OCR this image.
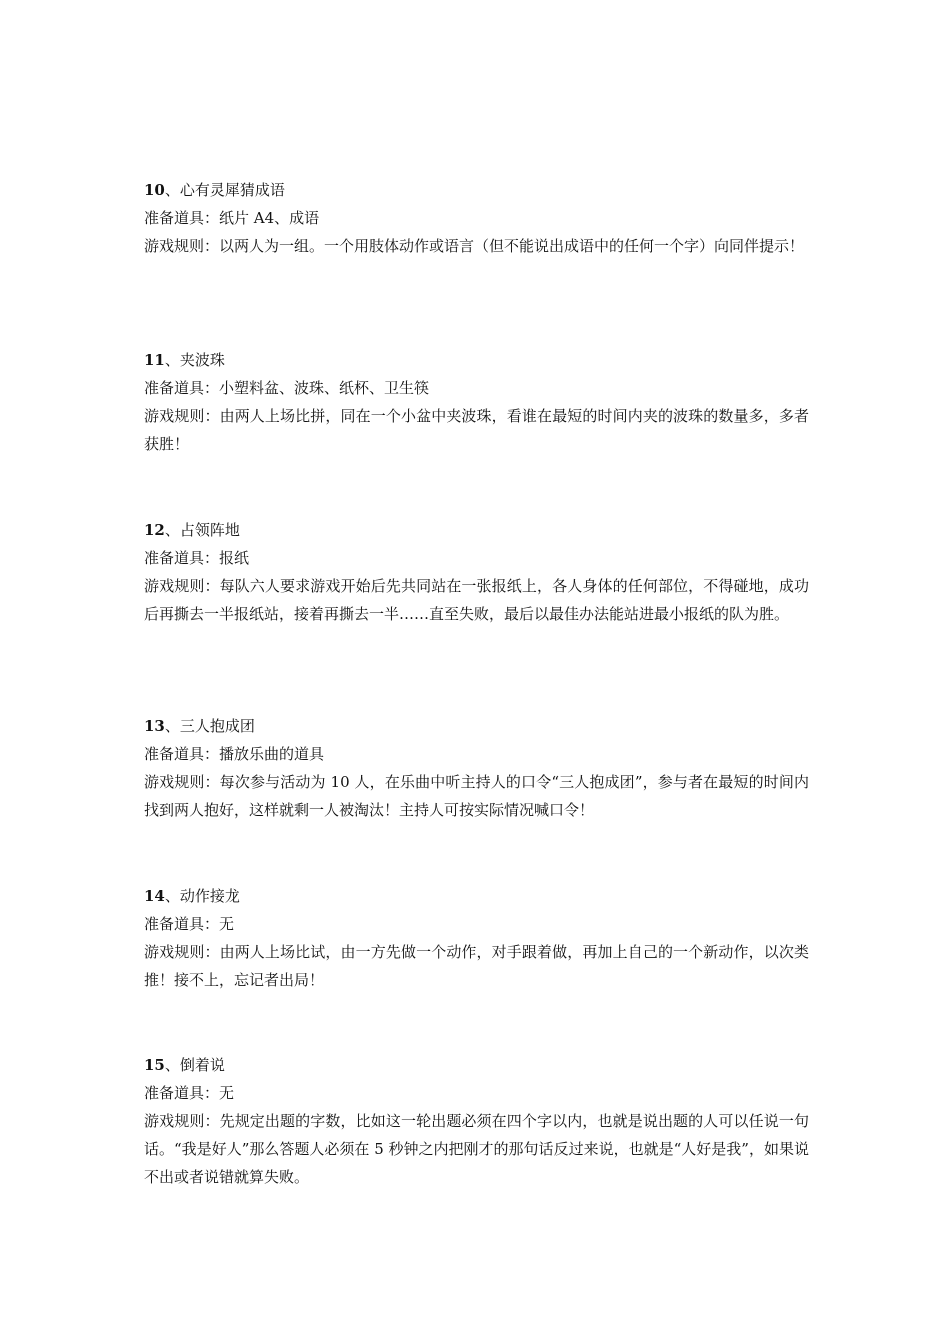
10、心有灵犀猜成语

准备道具：纸片 A4、成语

游戏规则：以两人为一组。一个用肢体动作或语言（但不能说出成语中的任何一个字）向同伴提示！

11、夹波珠

准备道具：小塑料盆、波珠、纸杯、卫生筷

游戏规则：由两人上场比拼，同在一个小盆中夹波珠，看谁在最短的时间内夹的波珠的数量多，多者获胜！

12、占领阵地

准备道具：报纸

游戏规则：每队六人要求游戏开始后先共同站在一张报纸上，各人身体的任何部位，不得碰地，成功后再撕去一半报纸站，接着再撕去一半……直至失败，最后以最佳办法能站进最小报纸的队为胜。

13、三人抱成团

准备道具：播放乐曲的道具

游戏规则：每次参与活动为 10 人，在乐曲中听主持人的口令“三人抱成团”，参与者在最短的时间内找到两人抱好，这样就剩一人被淘汰！主持人可按实际情况喊口令！

14、动作接龙

准备道具：无

游戏规则：由两人上场比试，由一方先做一个动作，对手跟着做，再加上自己的一个新动作，以次类推！接不上，忘记者出局！

15、倒着说

准备道具：无

游戏规则：先规定出题的字数，比如这一轮出题必须在四个字以内，也就是说出题的人可以任说一句话。“我是好人”那么答题人必须在 5 秒钟之内把刚才的那句话反过来说，也就是“人好是我”，如果说不出或者说错就算失败。
